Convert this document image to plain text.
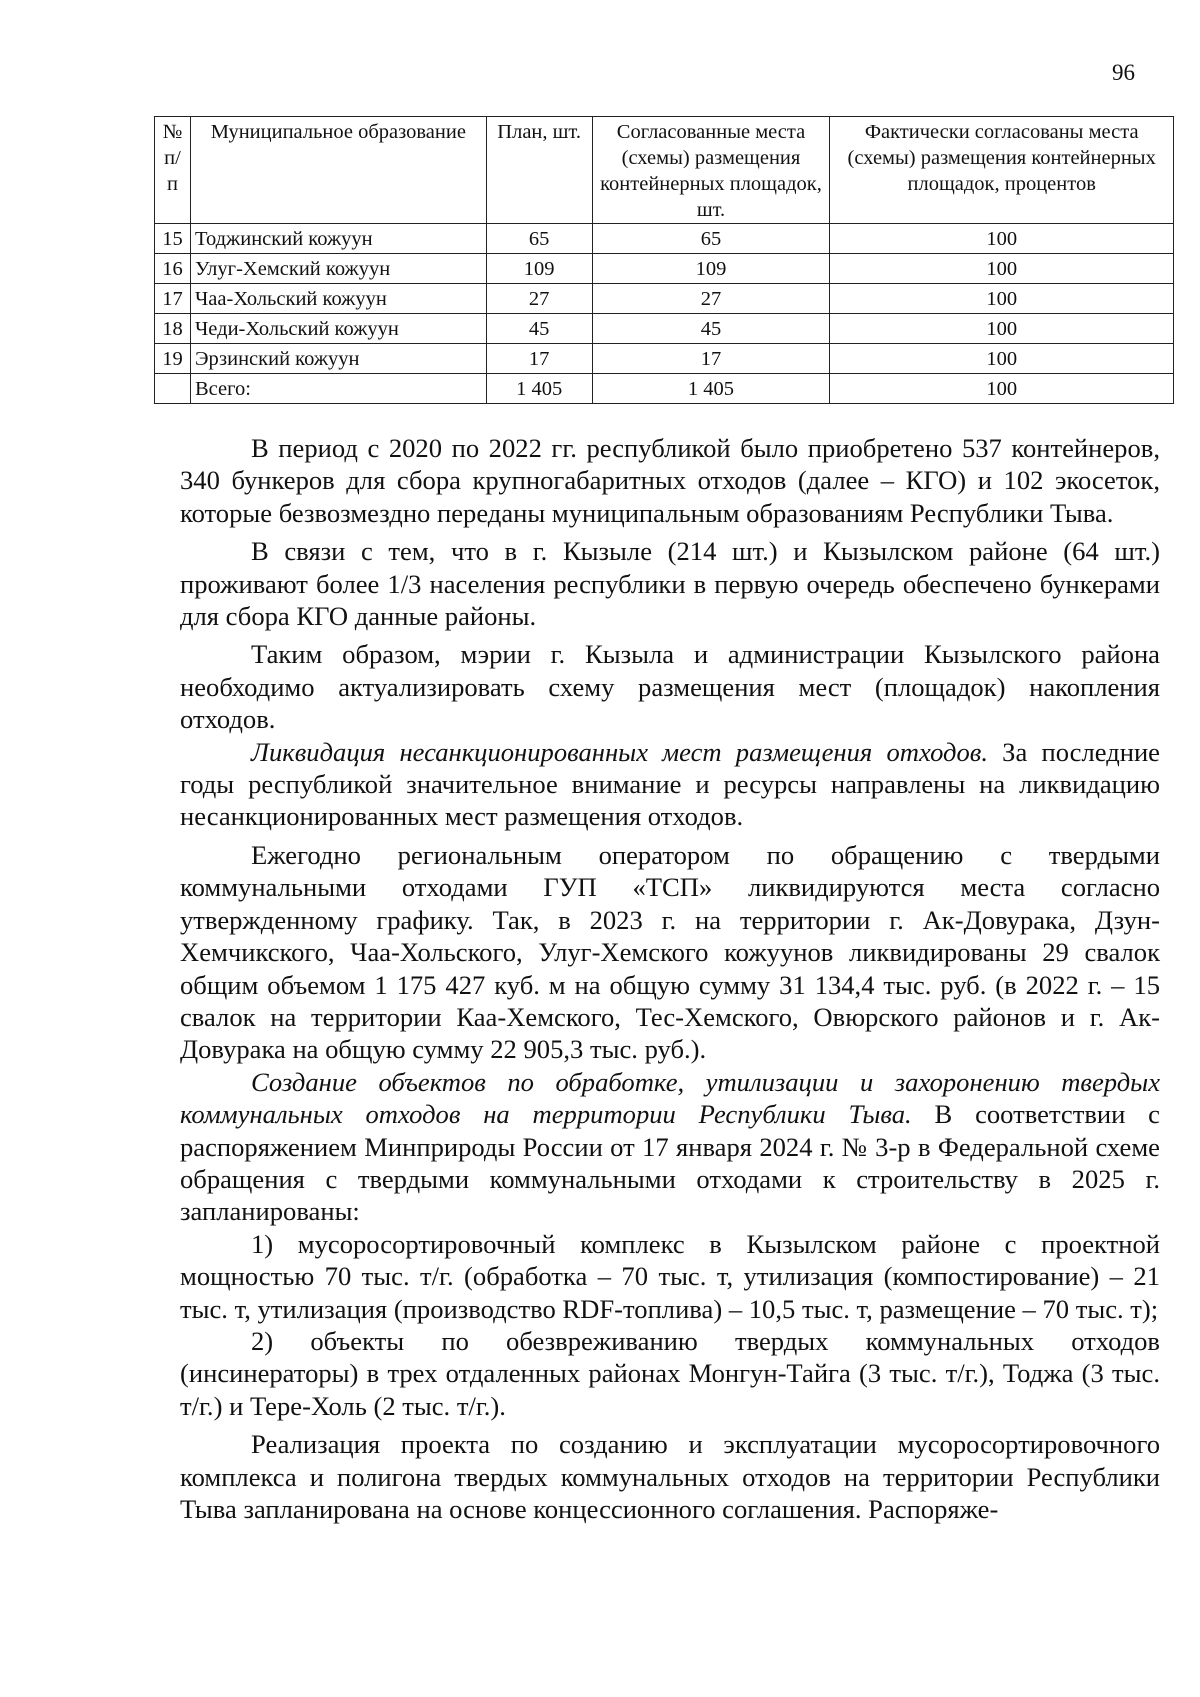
96
№ п/п	Муниципальное образование	План, шт.	Согласованные места (схемы) размещения контейнерных площадок, шт.	Фактически согласованы места (схемы) размещения контейнерных площадок, процентов
15	Тоджинский кожуун	65	65	100
16	Улуг-Хемский кожуун	109	109	100
17	Чаа-Хольский кожуун	27	27	100
18	Чеди-Хольский кожуун	45	45	100
19	Эрзинский кожуун	17	17	100
	Всего:	1 405	1 405	100

В период с 2020 по 2022 гг. республикой было приобретено 537 контейнеров, 340 бункеров для сбора крупногабаритных отходов (далее – КГО) и 102 экосеток, которые безвозмездно переданы муниципальным образованиям Республики Тыва.

В связи с тем, что в г. Кызыле (214 шт.) и Кызылском районе (64 шт.) проживают более 1/3 населения республики в первую очередь обеспечено бункерами для сбора КГО данные районы.

Таким образом, мэрии г. Кызыла и администрации Кызылского района необходимо актуализировать схему размещения мест (площадок) накопления отходов.

Ликвидация несанкционированных мест размещения отходов. За последние годы республикой значительное внимание и ресурсы направлены на ликвидацию несанкционированных мест размещения отходов.

Ежегодно региональным оператором по обращению с твердыми коммунальными отходами ГУП «ТСП» ликвидируются места согласно утвержденному графику. Так, в 2023 г. на территории г. Ак-Довурака, Дзун-Хемчикского, Чаа-Хольского, Улуг-Хемского кожуунов ликвидированы 29 свалок общим объемом 1 175 427 куб. м на общую сумму 31 134,4 тыс. руб. (в 2022 г. – 15 свалок на территории Каа-Хемского, Тес-Хемского, Овюрского районов и г. Ак-Довурака на общую сумму 22 905,3 тыс. руб.).

Создание объектов по обработке, утилизации и захоронению твердых коммунальных отходов на территории Республики Тыва. В соответствии с распоряжением Минприроды России от 17 января 2024 г. № 3-р в Федеральной схеме обращения с твердыми коммунальными отходами к строительству в 2025 г. запланированы:

1) мусоросортировочный комплекс в Кызылском районе с проектной мощностью 70 тыс. т/г. (обработка – 70 тыс. т, утилизация (компостирование) – 21 тыс. т, утилизация (производство RDF-топлива) – 10,5 тыс. т, размещение – 70 тыс. т);

2) объекты по обезвреживанию твердых коммунальных отходов (инсинераторы) в трех отдаленных районах Монгун-Тайга (3 тыс. т/г.), Тоджа (3 тыс. т/г.) и Тере-Холь (2 тыс. т/г.).

Реализация проекта по созданию и эксплуатации мусоросортировочного комплекса и полигона твердых коммунальных отходов на территории Республики Тыва запланирована на основе концессионного соглашения. Распоряже-
